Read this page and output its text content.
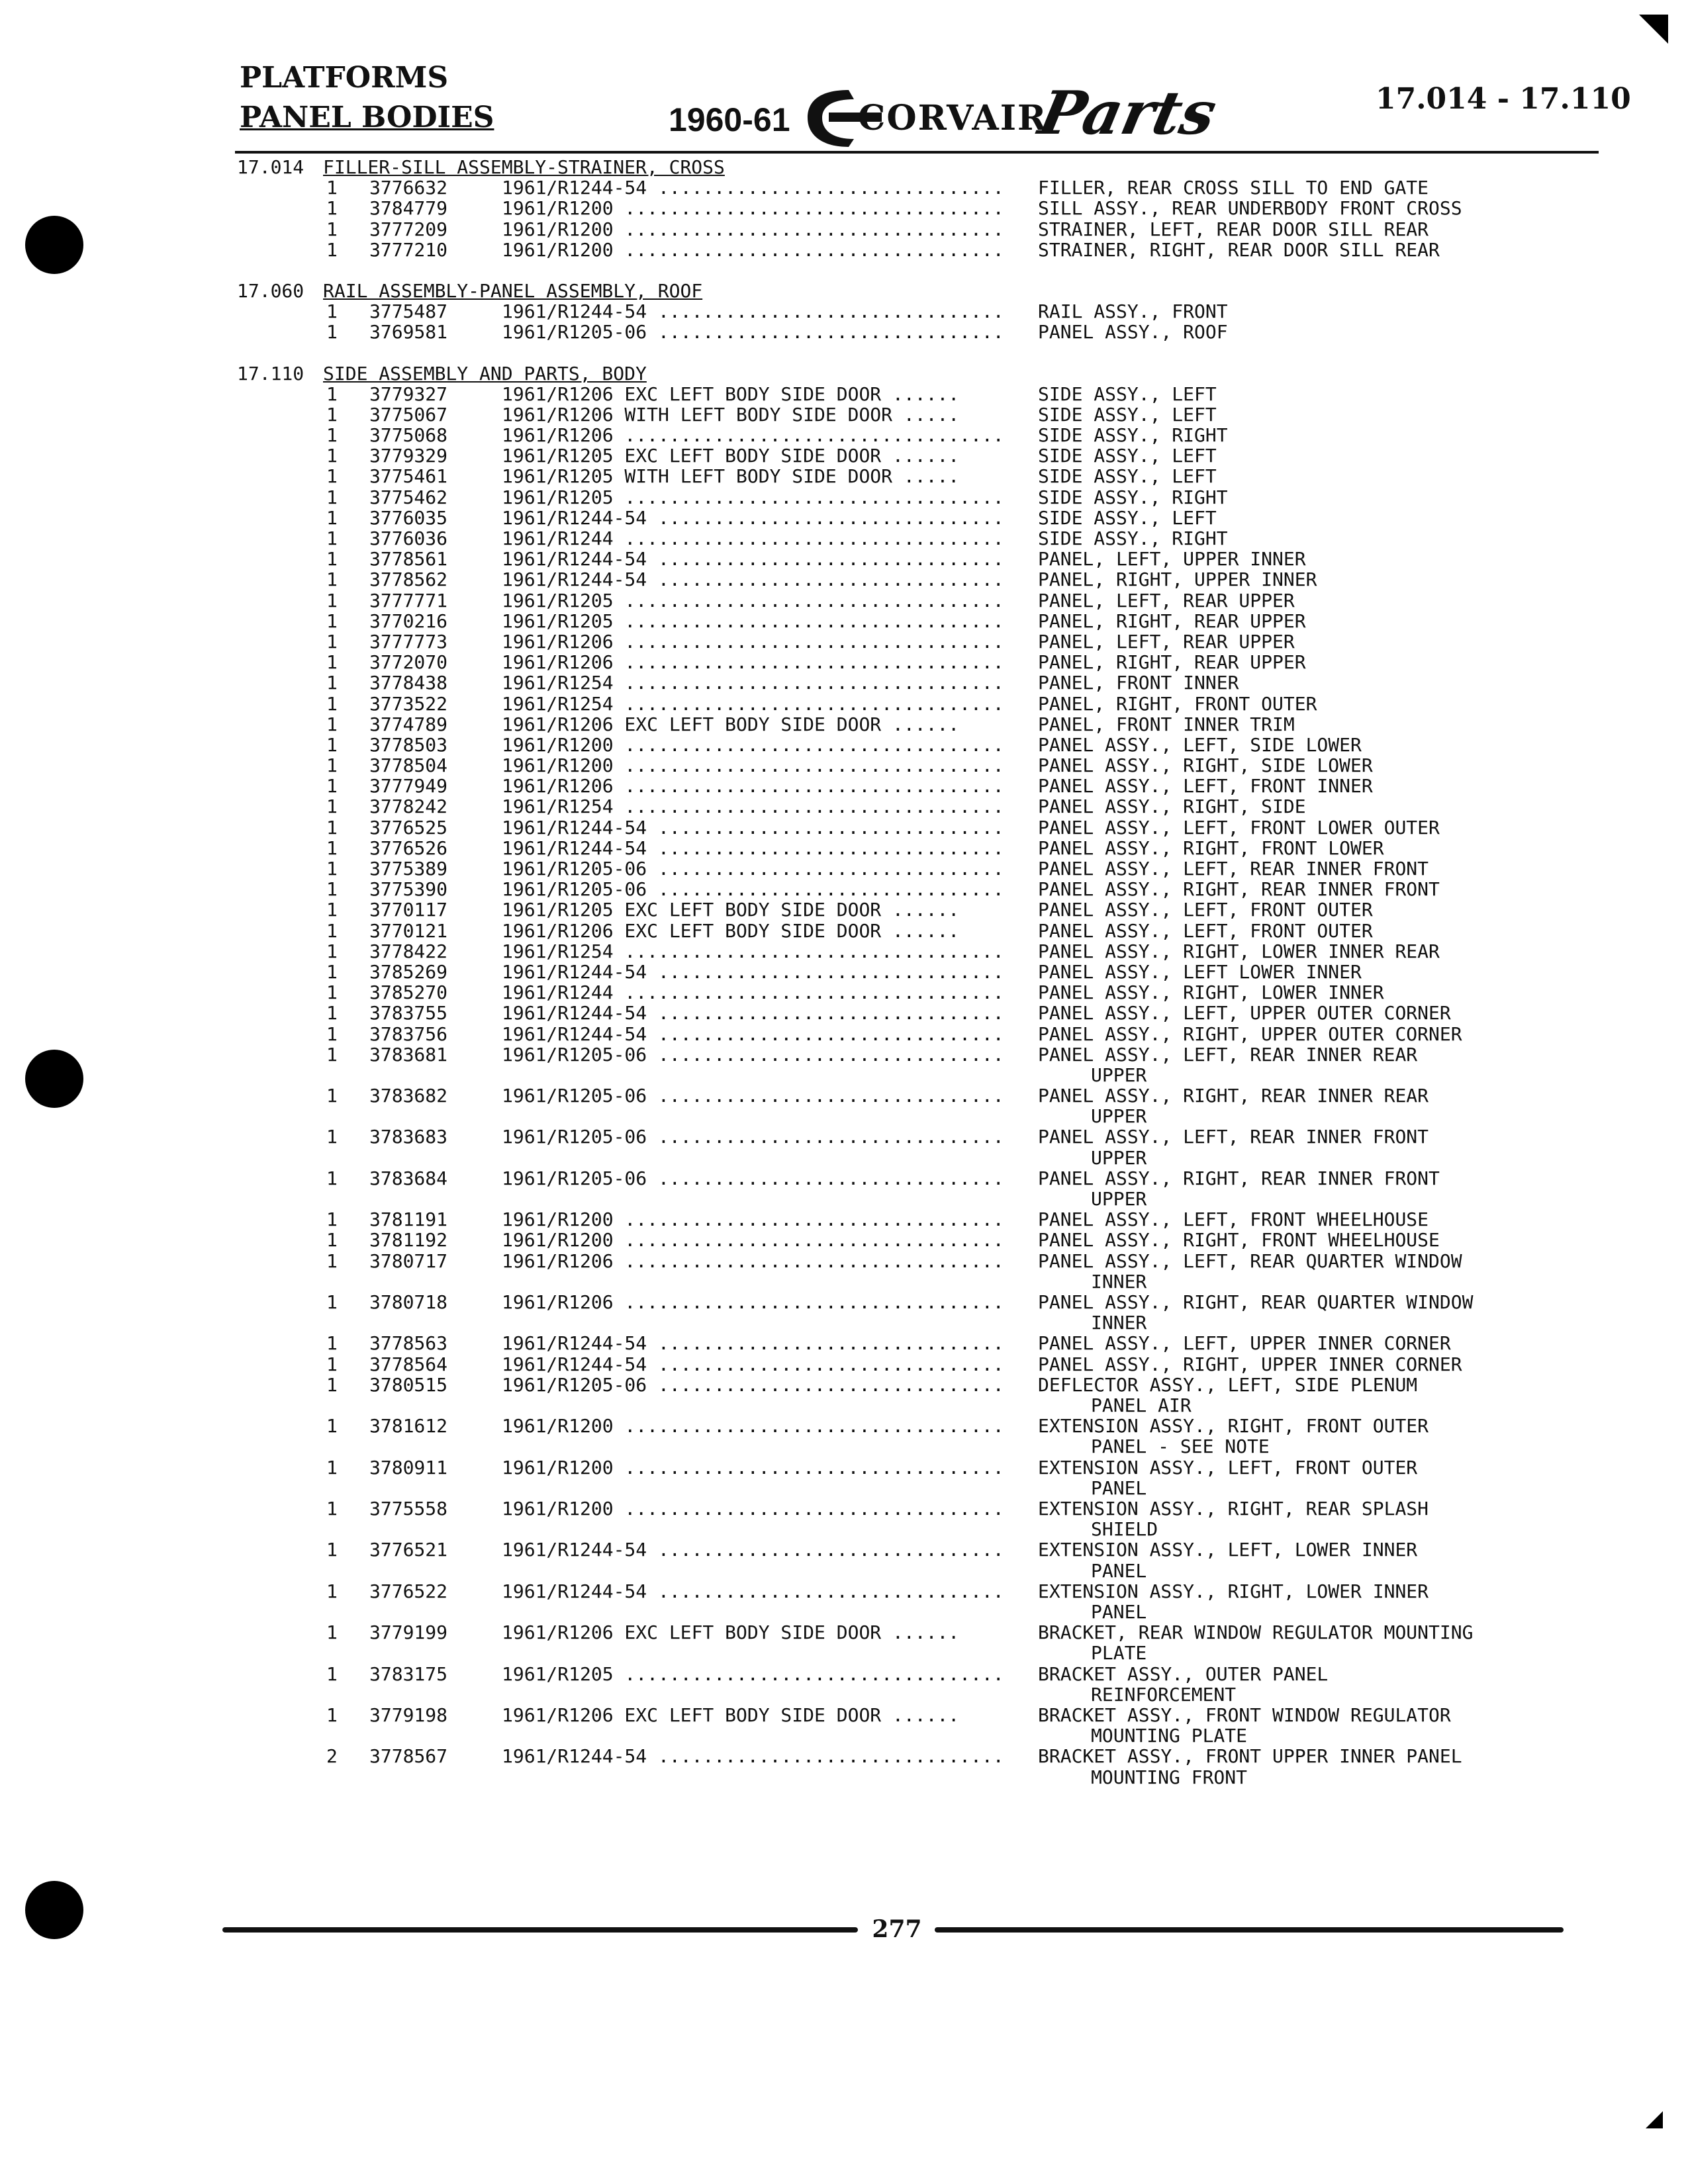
PLATFORMS
PANEL BODIES	1960-61 CORVAIR
Parts	17.014 - 17.110
17.014 FILLER-SILL ASSEMBLY-STRAINER, CROSS
1 3776632	1961/R1244-54 ...............................	FILLER, REAR CROSS SILL TO END GATE
1 3784779	1961/R1200 ..................................	SILL ASSY., REAR UNDERBODY FRONT CROSS
1 3777209	1961/R1200 ..................................	STRAINER, LEFT, REAR DOOR SILL REAR
1 3777210	1961/R1200 ..................................	STRAINER, RIGHT, REAR DOOR SILL REAR
17.060 RAIL ASSEMBLY-PANEL ASSEMBLY, ROOF
1 3775487	1961/R1244-54 ...............................	RAIL ASSY., FRONT
1 3769581	1961/R1205-06 ...............................	PANEL ASSY., ROOF
17.110 SIDE ASSEMBLY AND PARTS, BODY
1 3779327	1961/R1206 EXC LEFT BODY SIDE DOOR ......	SIDE ASSY., LEFT
1 3775067	1961/R1206 WITH LEFT BODY SIDE DOOR .....	SIDE ASSY., LEFT
1 3775068	1961/R1206 ..................................	SIDE ASSY., RIGHT
1 3779329	1961/R1205 EXC LEFT BODY SIDE DOOR ......	SIDE ASSY., LEFT
1 3775461	1961/R1205 WITH LEFT BODY SIDE DOOR .....	SIDE ASSY., LEFT
1 3775462	1961/R1205 ..................................	SIDE ASSY., RIGHT
1 3776035	1961/R1244-54 ...............................	SIDE ASSY., LEFT
1 3776036	1961/R1244 ..................................	SIDE ASSY., RIGHT
1 3778561	1961/R1244-54 ...............................	PANEL, LEFT, UPPER INNER
1 3778562	1961/R1244-54 ...............................	PANEL, RIGHT, UPPER INNER
1 3777771	1961/R1205 ..................................	PANEL, LEFT, REAR UPPER
1 3770216	1961/R1205 ..................................	PANEL, RIGHT, REAR UPPER
1 3777773	1961/R1206 ..................................	PANEL, LEFT, REAR UPPER
1 3772070	1961/R1206 ..................................	PANEL, RIGHT, REAR UPPER
1 3778438	1961/R1254 ..................................	PANEL, FRONT INNER
1 3773522	1961/R1254 ..................................	PANEL, RIGHT, FRONT OUTER
1 3774789	1961/R1206 EXC LEFT BODY SIDE DOOR ......	PANEL, FRONT INNER TRIM
1 3778503	1961/R1200 ..................................	PANEL ASSY., LEFT, SIDE LOWER
1 3778504	1961/R1200 ..................................	PANEL ASSY., RIGHT, SIDE LOWER
1 3777949	1961/R1206 ..................................	PANEL ASSY., LEFT, FRONT INNER
1 3778242	1961/R1254 ..................................	PANEL ASSY., RIGHT, SIDE
1 3776525	1961/R1244-54 ...............................	PANEL ASSY., LEFT, FRONT LOWER OUTER
1 3776526	1961/R1244-54 ...............................	PANEL ASSY., RIGHT, FRONT LOWER
1 3775389	1961/R1205-06 ...............................	PANEL ASSY., LEFT, REAR INNER FRONT
1 3775390	1961/R1205-06 ...............................	PANEL ASSY., RIGHT, REAR INNER FRONT
1 3770117	1961/R1205 EXC LEFT BODY SIDE DOOR ......	PANEL ASSY., LEFT, FRONT OUTER
1 3770121	1961/R1206 EXC LEFT BODY SIDE DOOR ......	PANEL ASSY., LEFT, FRONT OUTER
1 3778422	1961/R1254 ..................................	PANEL ASSY., RIGHT, LOWER INNER REAR
1 3785269	1961/R1244-54 ...............................	PANEL ASSY., LEFT LOWER INNER
1 3785270	1961/R1244 ..................................	PANEL ASSY., RIGHT, LOWER INNER
1 3783755	1961/R1244-54 ...............................	PANEL ASSY., LEFT, UPPER OUTER CORNER
1 3783756	1961/R1244-54 ...............................	PANEL ASSY., RIGHT, UPPER OUTER CORNER
1 3783681	1961/R1205-06 ...............................	PANEL ASSY., LEFT, REAR INNER REAR
UPPER
1 3783682	1961/R1205-06 ...............................	PANEL ASSY., RIGHT, REAR INNER REAR
UPPER
1 3783683	1961/R1205-06 ...............................	PANEL ASSY., LEFT, REAR INNER FRONT
UPPER
1 3783684	1961/R1205-06 ...............................	PANEL ASSY., RIGHT, REAR INNER FRONT
UPPER
1 3781191	1961/R1200 ..................................	PANEL ASSY., LEFT, FRONT WHEELHOUSE
1 3781192	1961/R1200 ..................................	PANEL ASSY., RIGHT, FRONT WHEELHOUSE
1 3780717	1961/R1206 ..................................	PANEL ASSY., LEFT, REAR QUARTER WINDOW
INNER
1 3780718	1961/R1206 ..................................	PANEL ASSY., RIGHT, REAR QUARTER WINDOW
INNER
1 3778563	1961/R1244-54 ...............................	PANEL ASSY., LEFT, UPPER INNER CORNER
1 3778564	1961/R1244-54 ...............................	PANEL ASSY., RIGHT, UPPER INNER CORNER
1 3780515	1961/R1205-06 ...............................	DEFLECTOR ASSY., LEFT, SIDE PLENUM
PANEL AIR
1 3781612	1961/R1200 ..................................	EXTENSION ASSY., RIGHT, FRONT OUTER
PANEL - SEE NOTE
1 3780911	1961/R1200 ..................................	EXTENSION ASSY., LEFT, FRONT OUTER
PANEL
1 3775558	1961/R1200 ..................................	EXTENSION ASSY., RIGHT, REAR SPLASH
SHIELD
1 3776521	1961/R1244-54 ...............................	EXTENSION ASSY., LEFT, LOWER INNER
PANEL
1 3776522	1961/R1244-54 ...............................	EXTENSION ASSY., RIGHT, LOWER INNER
PANEL
1 3779199	1961/R1206 EXC LEFT BODY SIDE DOOR ......	BRACKET, REAR WINDOW REGULATOR MOUNTING
PLATE
1 3783175	1961/R1205 ..................................	BRACKET ASSY., OUTER PANEL
REINFORCEMENT
1 3779198	1961/R1206 EXC LEFT BODY SIDE DOOR ......	BRACKET ASSY., FRONT WINDOW REGULATOR
MOUNTING PLATE
2 3778567	1961/R1244-54 ...............................	BRACKET ASSY., FRONT UPPER INNER PANEL
MOUNTING FRONT
277
